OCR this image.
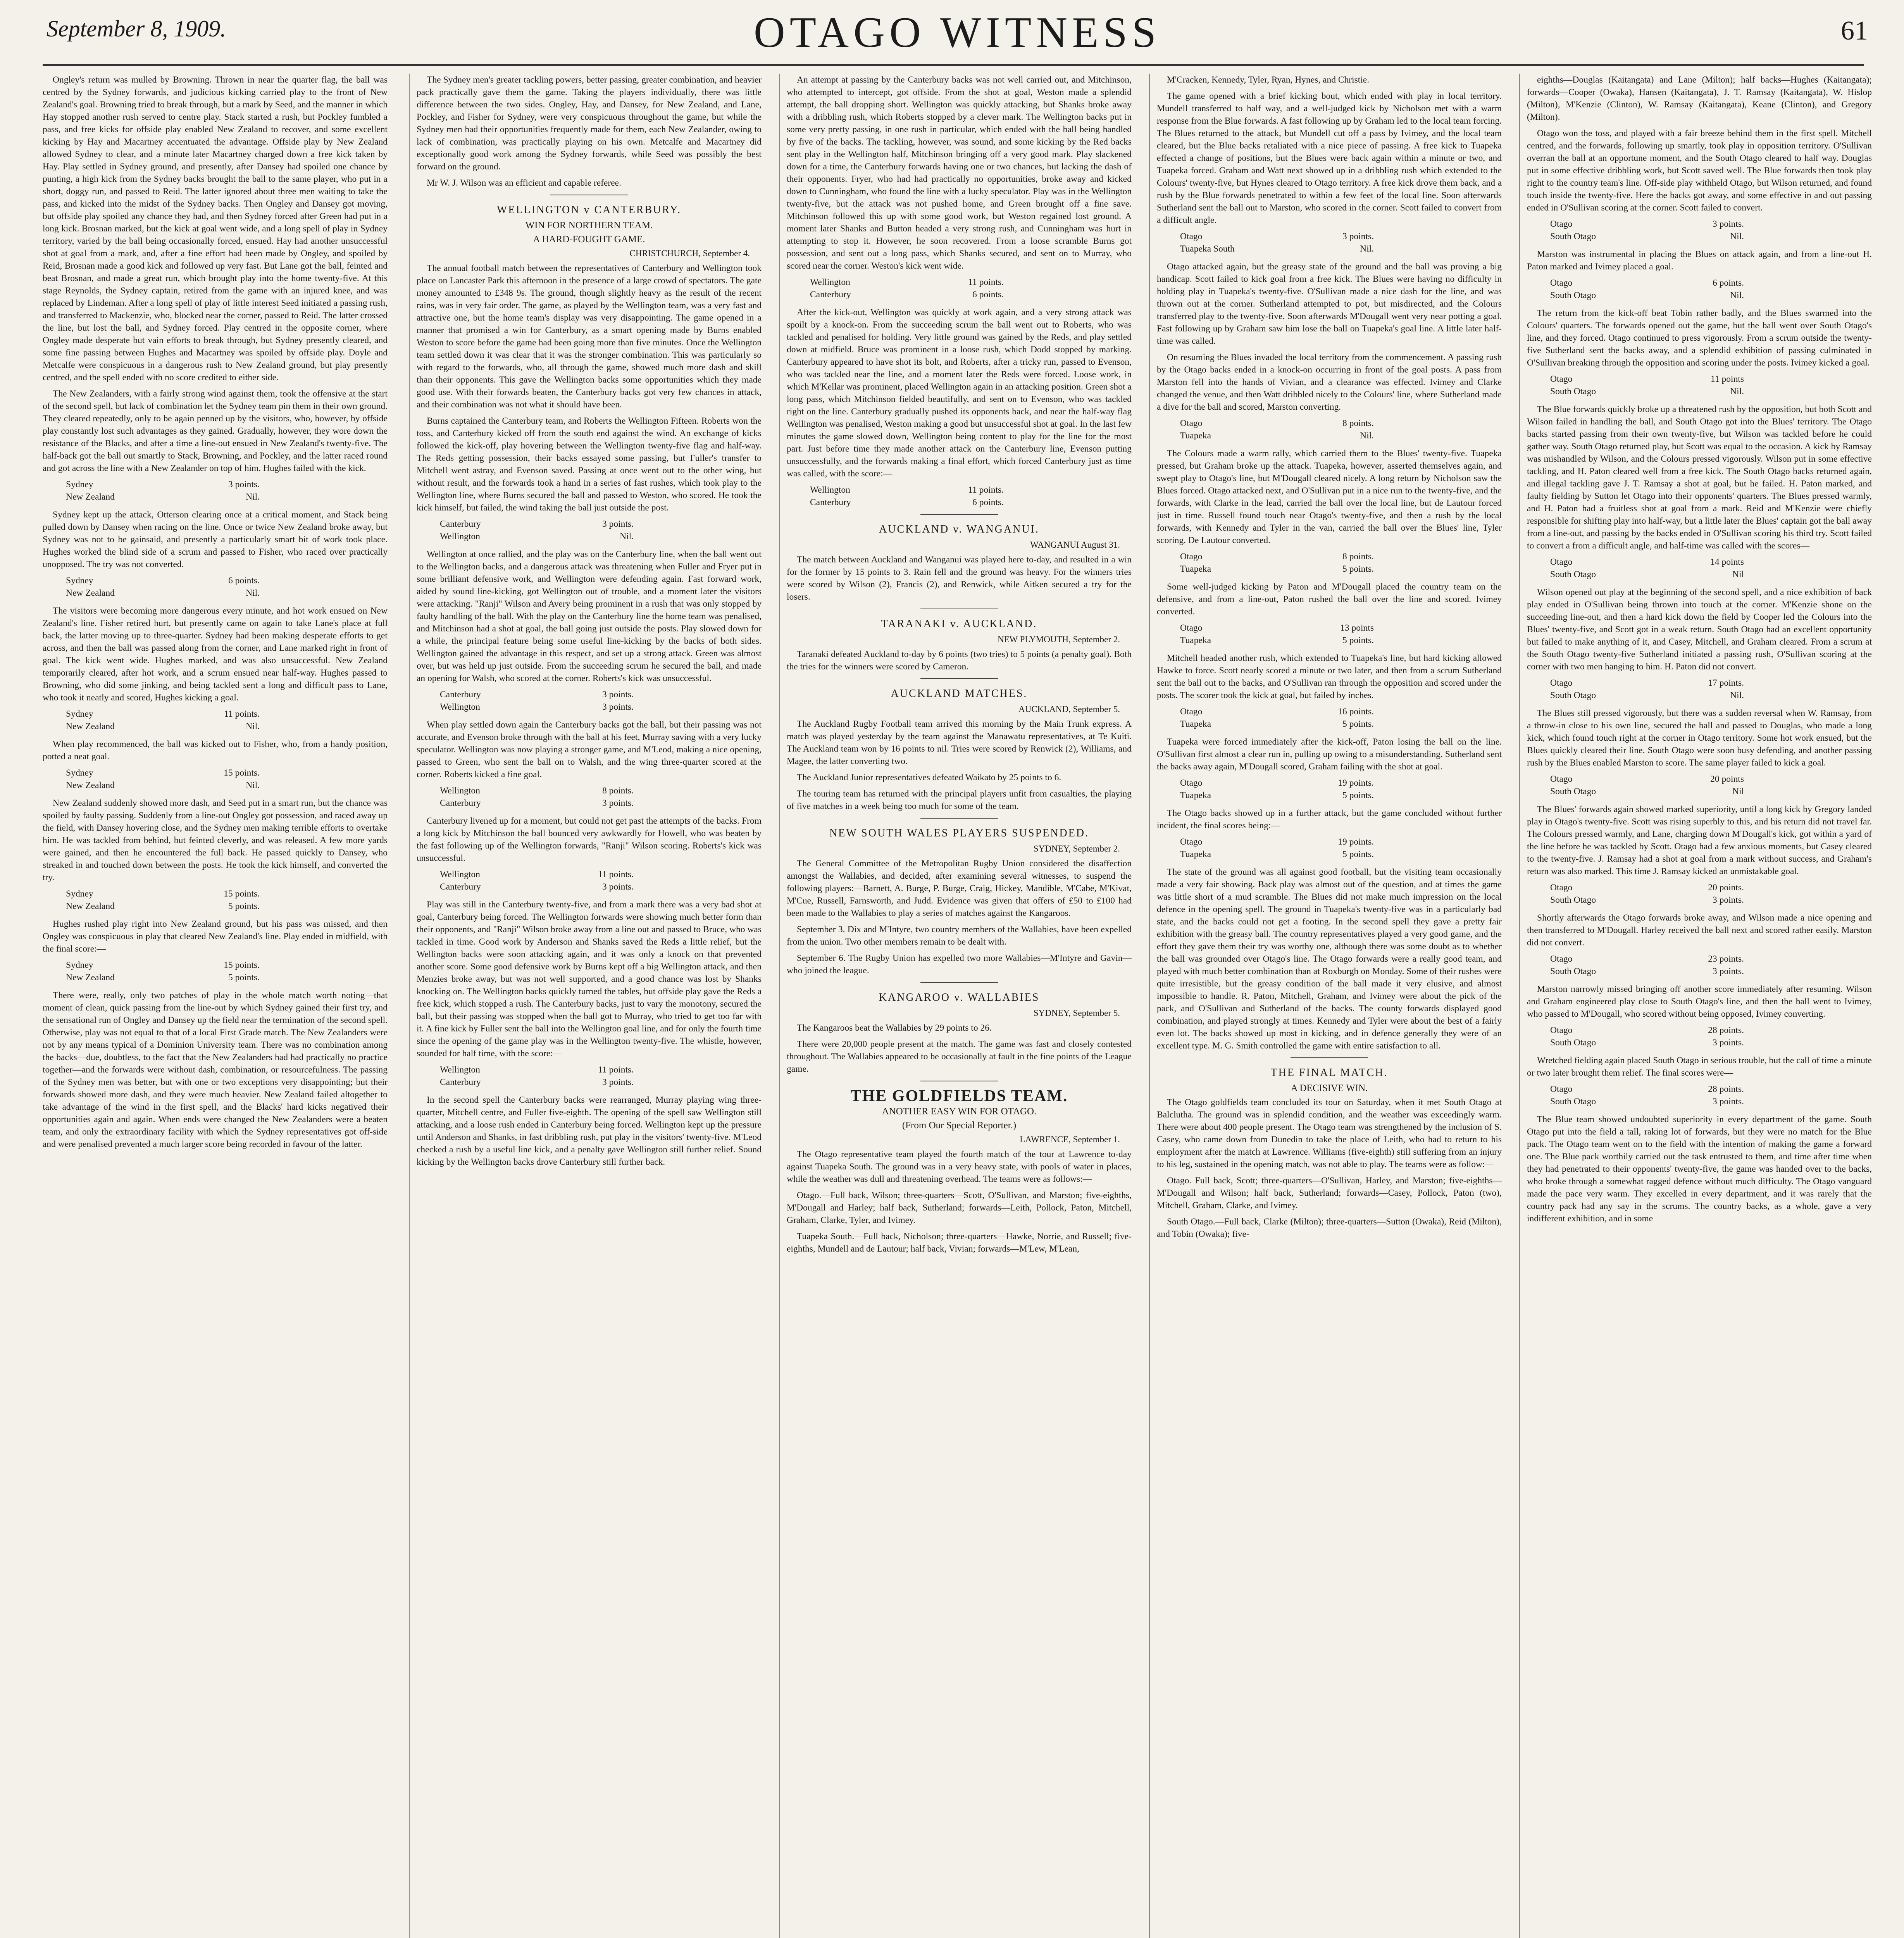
September 8, 1909.	OTAGO WITNESS	61

Ongley's return was mulled by Browning. Thrown in near the quarter flag, the ball was centred by the Sydney forwards, and judicious kicking carried play to the front of New Zealand's goal. Browning tried to break through, but a mark by Seed, and the manner in which Hay stopped another rush served to centre play. Stack started a rush, but Pockley fumbled a pass, and free kicks for offside play enabled New Zealand to recover, and some excellent kicking by Hay and Macartney accentuated the advantage. Offside play by New Zealand allowed Sydney to clear, and a minute later Macartney charged down a free kick taken by Hay. Play settled in Sydney ground, and presently, after Dansey had spoiled one chance by punting, a high kick from the Sydney backs brought the ball to the same player, who put in a short, doggy run, and passed to Reid. The latter ignored about three men waiting to take the pass, and kicked into the midst of the Sydney backs. Then Ongley and Dansey got moving, but offside play spoiled any chance they had, and then Sydney forced after Green had put in a long kick. Brosnan marked, but the kick at goal went wide, and a long spell of play in Sydney territory, varied by the ball being occasionally forced, ensued. Hay had another unsuccessful shot at goal from a mark, and, after a fine effort had been made by Ongley, and spoiled by Reid, Brosnan made a good kick and followed up very fast. But Lane got the ball, feinted and beat Brosnan, and made a great run, which brought play into the home twenty-five. At this stage Reynolds, the Sydney captain, retired from the game with an injured knee, and was replaced by Lindeman. After a long spell of play of little interest Seed initiated a passing rush, and transferred to Mackenzie, who, blocked near the corner, passed to Reid. The latter crossed the line, but lost the ball, and Sydney forced. Play centred in the opposite corner, where Ongley made desperate but vain efforts to break through, but Sydney presently cleared, and some fine passing between Hughes and Macartney was spoiled by offside play. Doyle and Metcalfe were conspicuous in a dangerous rush to New Zealand ground, but play presently centred, and the spell ended with no score credited to either side.

The New Zealanders, with a fairly strong wind against them, took the offensive at the start of the second spell, but lack of combination let the Sydney team pin them in their own ground. They cleared repeatedly, only to be again penned up by the visitors, who, however, by offside play constantly lost such advantages as they gained. Gradually, however, they wore down the resistance of the Blacks, and after a time a line-out ensued in New Zealand's twenty-five. The half-back got the ball out smartly to Stack, Browning, and Pockley, and the latter raced round and got across the line with a New Zealander on top of him. Hughes failed with the kick.

Sydney	3 points.
New Zealand	Nil.

Sydney kept up the attack, Otterson clearing once at a critical moment, and Stack being pulled down by Dansey when racing on the line. Once or twice New Zealand broke away, but Sydney was not to be gainsaid, and presently a particularly smart bit of work took place. Hughes worked the blind side of a scrum and passed to Fisher, who raced over practically unopposed. The try was not converted.

Sydney	6 points.
New Zealand	Nil.

The visitors were becoming more dangerous every minute, and hot work ensued on New Zealand's line. Fisher retired hurt, but presently came on again to take Lane's place at full back, the latter moving up to three-quarter. Sydney had been making desperate efforts to get across, and then the ball was passed along from the corner, and Lane marked right in front of goal. The kick went wide. Hughes marked, and was also unsuccessful. New Zealand temporarily cleared, after hot work, and a scrum ensued near half-way. Hughes passed to Browning, who did some jinking, and being tackled sent a long and difficult pass to Lane, who took it neatly and scored, Hughes kicking a goal.

Sydney	11 points.
New Zealand	Nil.

When play recommenced, the ball was kicked out to Fisher, who, from a handy position, potted a neat goal.

Sydney	15 points.
New Zealand	Nil.

New Zealand suddenly showed more dash, and Seed put in a smart run, but the chance was spoiled by faulty passing. Suddenly from a line-out Ongley got possession, and raced away up the field, with Dansey hovering close, and the Sydney men making terrible efforts to overtake him. He was tackled from behind, but feinted cleverly, and was released. A few more yards were gained, and then he encountered the full back. He passed quickly to Dansey, who streaked in and touched down between the posts. He took the kick himself, and converted the try.

Sydney	15 points.
New Zealand	5 points.

Hughes rushed play right into New Zealand ground, but his pass was missed, and then Ongley was conspicuous in play that cleared New Zealand's line. Play ended in midfield, with the final score:—

Sydney	15 points.
New Zealand	5 points.

There were, really, only two patches of play in the whole match worth noting—that moment of clean, quick passing from the line-out by which Sydney gained their first try, and the sensational run of Ongley and Dansey up the field near the termination of the second spell. Otherwise, play was not equal to that of a local First Grade match. The New Zealanders were not by any means typical of a Dominion University team. There was no combination among the backs—due, doubtless, to the fact that the New Zealanders had had practically no practice together—and the forwards were without dash, combination, or resourcefulness. The passing of the Sydney men was better, but with one or two exceptions very disappointing; but their forwards showed more dash, and they were much heavier. New Zealand failed altogether to take advantage of the wind in the first spell, and the Blacks' hard kicks negatived their opportunities again and again. When ends were changed the New Zealanders were a beaten team, and only the extraordinary facility with which the Sydney representatives got off-side and were penalised prevented a much larger score being recorded in favour of the latter.

The Sydney men's greater tackling powers, better passing, greater combination, and heavier pack practically gave them the game. Taking the players individually, there was little difference between the two sides. Ongley, Hay, and Dansey, for New Zealand, and Lane, Pockley, and Fisher for Sydney, were very conspicuous throughout the game, but while the Sydney men had their opportunities frequently made for them, each New Zealander, owing to lack of combination, was practically playing on his own. Metcalfe and Macartney did exceptionally good work among the Sydney forwards, while Seed was possibly the best forward on the ground.

Mr W. J. Wilson was an efficient and capable referee.

WELLINGTON v CANTERBURY.
WIN FOR NORTHERN TEAM.
A HARD-FOUGHT GAME.
CHRISTCHURCH, September 4.

The annual football match between the representatives of Canterbury and Wellington took place on Lancaster Park this afternoon in the presence of a large crowd of spectators. The gate money amounted to £348 9s. The ground, though slightly heavy as the result of the recent rains, was in very fair order. The game, as played by the Wellington team, was a very fast and attractive one, but the home team's display was very disappointing. The game opened in a manner that promised a win for Canterbury, as a smart opening made by Burns enabled Weston to score before the game had been going more than five minutes. Once the Wellington team settled down it was clear that it was the stronger combination. This was particularly so with regard to the forwards, who, all through the game, showed much more dash and skill than their opponents. This gave the Wellington backs some opportunities which they made good use. With their forwards beaten, the Canterbury backs got very few chances in attack, and their combination was not what it should have been.

Burns captained the Canterbury team, and Roberts the Wellington Fifteen. Roberts won the toss, and Canterbury kicked off from the south end against the wind. An exchange of kicks followed the kick-off, play hovering between the Wellington twenty-five flag and half-way. The Reds getting possession, their backs essayed some passing, but Fuller's transfer to Mitchell went astray, and Evenson saved. Passing at once went out to the other wing, but without result, and the forwards took a hand in a series of fast rushes, which took play to the Wellington line, where Burns secured the ball and passed to Weston, who scored. He took the kick himself, but failed, the wind taking the ball just outside the post.

Canterbury	3 points.
Wellington	Nil.

Wellington at once rallied, and the play was on the Canterbury line, when the ball went out to the Wellington backs, and a dangerous attack was threatening when Fuller and Fryer put in some brilliant defensive work, and Wellington were defending again. Fast forward work, aided by sound line-kicking, got Wellington out of trouble, and a moment later the visitors were attacking. "Ranji" Wilson and Avery being prominent in a rush that was only stopped by faulty handling of the ball. With the play on the Canterbury line the home team was penalised, and Mitchinson had a shot at goal, the ball going just outside the posts. Play slowed down for a while, the principal feature being some useful line-kicking by the backs of both sides. Wellington gained the advantage in this respect, and set up a strong attack. Green was almost over, but was held up just outside. From the succeeding scrum he secured the ball, and made an opening for Walsh, who scored at the corner. Roberts's kick was unsuccessful.

Canterbury	3 points.
Wellington	3 points.

When play settled down again the Canterbury backs got the ball, but their passing was not accurate, and Evenson broke through with the ball at his feet, Murray saving with a very lucky speculator. Wellington was now playing a stronger game, and M'Leod, making a nice opening, passed to Green, who sent the ball on to Walsh, and the wing three-quarter scored at the corner. Roberts kicked a fine goal.

Wellington	8 points.
Canterbury	3 points.

Canterbury livened up for a moment, but could not get past the attempts of the backs. From a long kick by Mitchinson the ball bounced very awkwardly for Howell, who was beaten by the fast following up of the Wellington forwards, "Ranji" Wilson scoring. Roberts's kick was unsuccessful.

Wellington	11 points.
Canterbury	3 points.

Play was still in the Canterbury twenty-five, and from a mark there was a very bad shot at goal, Canterbury being forced. The Wellington forwards were showing much better form than their opponents, and "Ranji" Wilson broke away from a line out and passed to Bruce, who was tackled in time. Good work by Anderson and Shanks saved the Reds a little relief, but the Wellington backs were soon attacking again, and it was only a knock on that prevented another score. Some good defensive work by Burns kept off a big Wellington attack, and then Menzies broke away, but was not well supported, and a good chance was lost by Shanks knocking on. The Wellington backs quickly turned the tables, but offside play gave the Reds a free kick, which stopped a rush. The Canterbury backs, just to vary the monotony, secured the ball, but their passing was stopped when the ball got to Murray, who tried to get too far with it. A fine kick by Fuller sent the ball into the Wellington goal line, and for only the fourth time since the opening of the game play was in the Wellington twenty-five. The whistle, however, sounded for half time, with the score:—

Wellington	11 points.
Canterbury	3 points.

In the second spell the Canterbury backs were rearranged, Murray playing wing three-quarter, Mitchell centre, and Fuller five-eighth. The opening of the spell saw Wellington still attacking, and a loose rush ended in Canterbury being forced. Wellington kept up the pressure until Anderson and Shanks, in fast dribbling rush, put play in the visitors' twenty-five. M'Leod checked a rush by a useful line kick, and a penalty gave Wellington still further relief. Sound kicking by the Wellington backs drove Canterbury still further back.

An attempt at passing by the Canterbury backs was not well carried out, and Mitchinson, who attempted to intercept, got offside. From the shot at goal, Weston made a splendid attempt, the ball dropping short. Wellington was quickly attacking, but Shanks broke away with a dribbling rush, which Roberts stopped by a clever mark. The Wellington backs put in some very pretty passing, in one rush in particular, which ended with the ball being handled by five of the backs. The tackling, however, was sound, and some kicking by the Red backs sent play in the Wellington half, Mitchinson bringing off a very good mark. Play slackened down for a time, the Canterbury forwards having one or two chances, but lacking the dash of their opponents. Fryer, who had had practically no opportunities, broke away and kicked down to Cunningham, who found the line with a lucky speculator. Play was in the Wellington twenty-five, but the attack was not pushed home, and Green brought off a fine save. Mitchinson followed this up with some good work, but Weston regained lost ground. A moment later Shanks and Button headed a very strong rush, and Cunningham was hurt in attempting to stop it. However, he soon recovered. From a loose scramble Burns got possession, and sent out a long pass, which Shanks secured, and sent on to Murray, who scored near the corner. Weston's kick went wide.

Wellington	11 points.
Canterbury	6 points.

After the kick-out, Wellington was quickly at work again, and a very strong attack was spoilt by a knock-on. From the succeeding scrum the ball went out to Roberts, who was tackled and penalised for holding. Very little ground was gained by the Reds, and play settled down at midfield. Bruce was prominent in a loose rush, which Dodd stopped by marking. Canterbury appeared to have shot its bolt, and Roberts, after a tricky run, passed to Evenson, who was tackled near the line, and a moment later the Reds were forced. Loose work, in which M'Kellar was prominent, placed Wellington again in an attacking position. Green shot a long pass, which Mitchinson fielded beautifully, and sent on to Evenson, who was tackled right on the line. Canterbury gradually pushed its opponents back, and near the half-way flag Wellington was penalised, Weston making a good but unsuccessful shot at goal. In the last few minutes the game slowed down, Wellington being content to play for the line for the most part. Just before time they made another attack on the Canterbury line, Evenson putting unsuccessfully, and the forwards making a final effort, which forced Canterbury just as time was called, with the score:—

Wellington	11 points.
Canterbury	6 points.
AUCKLAND v. WANGANUI.
WANGANUI August 31.

The match between Auckland and Wanganui was played here to-day, and resulted in a win for the former by 15 points to 3. Rain fell and the ground was heavy. For the winners tries were scored by Wilson (2), Francis (2), and Renwick, while Aitken secured a try for the losers.

TARANAKI v. AUCKLAND.
NEW PLYMOUTH, September 2.

Taranaki defeated Auckland to-day by 6 points (two tries) to 5 points (a penalty goal). Both the tries for the winners were scored by Cameron.

AUCKLAND MATCHES.
AUCKLAND, September 5.

The Auckland Rugby Football team arrived this morning by the Main Trunk express. A match was played yesterday by the team against the Manawatu representatives, at Te Kuiti. The Auckland team won by 16 points to nil. Tries were scored by Renwick (2), Williams, and Magee, the latter converting two.

The Auckland Junior representatives defeated Waikato by 25 points to 6.

The touring team has returned with the principal players unfit from casualties, the playing of five matches in a week being too much for some of the team.

NEW SOUTH WALES PLAYERS SUSPENDED.
SYDNEY, September 2.

The General Committee of the Metropolitan Rugby Union considered the disaffection amongst the Wallabies, and decided, after examining several witnesses, to suspend the following players:—Barnett, A. Burge, P. Burge, Craig, Hickey, Mandible, M'Cabe, M'Kivat, M'Cue, Russell, Farnsworth, and Judd. Evidence was given that offers of £50 to £100 had been made to the Wallabies to play a series of matches against the Kangaroos.

September 3. Dix and M'Intyre, two country members of the Wallabies, have been expelled from the union. Two other members remain to be dealt with.

September 6. The Rugby Union has expelled two more Wallabies—M'Intyre and Gavin—who joined the league.

KANGAROO v. WALLABIES
SYDNEY, September 5.

The Kangaroos beat the Wallabies by 29 points to 26.

There were 20,000 people present at the match. The game was fast and closely contested throughout. The Wallabies appeared to be occasionally at fault in the fine points of the League game.

THE GOLDFIELDS TEAM.
ANOTHER EASY WIN FOR OTAGO.
(From Our Special Reporter.)
LAWRENCE, September 1.

The Otago representative team played the fourth match of the tour at Lawrence to-day against Tuapeka South. The ground was in a very heavy state, with pools of water in places, while the weather was dull and threatening overhead. The teams were as follows:—

Otago.—Full back, Wilson; three-quarters—Scott, O'Sullivan, and Marston; five-eighths, M'Dougall and Harley; half back, Sutherland; forwards—Leith, Pollock, Paton, Mitchell, Graham, Clarke, Tyler, and Ivimey.

Tuapeka South.—Full back, Nicholson; three-quarters—Hawke, Norrie, and Russell; five-eighths, Mundell and de Lautour; half back, Vivian; forwards—M'Lew, M'Lean,

M'Cracken, Kennedy, Tyler, Ryan, Hynes, and Christie.

The game opened with a brief kicking bout, which ended with play in local territory. Mundell transferred to half way, and a well-judged kick by Nicholson met with a warm response from the Blue forwards. A fast following up by Graham led to the local team forcing. The Blues returned to the attack, but Mundell cut off a pass by Ivimey, and the local team cleared, but the Blue backs retaliated with a nice piece of passing. A free kick to Tuapeka effected a change of positions, but the Blues were back again within a minute or two, and Tuapeka forced. Graham and Watt next showed up in a dribbling rush which extended to the Colours' twenty-five, but Hynes cleared to Otago territory. A free kick drove them back, and a rush by the Blue forwards penetrated to within a few feet of the local line. Soon afterwards Sutherland sent the ball out to Marston, who scored in the corner. Scott failed to convert from a difficult angle.

Otago	3 points.
Tuapeka South	Nil.

Otago attacked again, but the greasy state of the ground and the ball was proving a big handicap. Scott failed to kick goal from a free kick. The Blues were having no difficulty in holding play in Tuapeka's twenty-five. O'Sullivan made a nice dash for the line, and was thrown out at the corner. Sutherland attempted to pot, but misdirected, and the Colours transferred play to the twenty-five. Soon afterwards M'Dougall went very near potting a goal. Fast following up by Graham saw him lose the ball on Tuapeka's goal line. A little later half-time was called.

On resuming the Blues invaded the local territory from the commencement. A passing rush by the Otago backs ended in a knock-on occurring in front of the goal posts. A pass from Marston fell into the hands of Vivian, and a clearance was effected. Ivimey and Clarke changed the venue, and then Watt dribbled nicely to the Colours' line, where Sutherland made a dive for the ball and scored, Marston converting.

Otago	8 points.
Tuapeka	Nil.

The Colours made a warm rally, which carried them to the Blues' twenty-five. Tuapeka pressed, but Graham broke up the attack. Tuapeka, however, asserted themselves again, and swept play to Otago's line, but M'Dougall cleared nicely. A long return by Nicholson saw the Blues forced. Otago attacked next, and O'Sullivan put in a nice run to the twenty-five, and the forwards, with Clarke in the lead, carried the ball over the local line, but de Lautour forced just in time. Russell found touch near Otago's twenty-five, and then a rush by the local forwards, with Kennedy and Tyler in the van, carried the ball over the Blues' line, Tyler scoring. De Lautour converted.

Otago	8 points.
Tuapeka	5 points.

Some well-judged kicking by Paton and M'Dougall placed the country team on the defensive, and from a line-out, Paton rushed the ball over the line and scored. Ivimey converted.

Otago	13 points
Tuapeka	5 points.

Mitchell headed another rush, which extended to Tuapeka's line, but hard kicking allowed Hawke to force. Scott nearly scored a minute or two later, and then from a scrum Sutherland sent the ball out to the backs, and O'Sullivan ran through the opposition and scored under the posts. The scorer took the kick at goal, but failed by inches.

Otago	16 points.
Tuapeka	5 points.

Tuapeka were forced immediately after the kick-off, Paton losing the ball on the line. O'Sullivan first almost a clear run in, pulling up owing to a misunderstanding. Sutherland sent the backs away again, M'Dougall scored, Graham failing with the shot at goal.

Otago	19 points.
Tuapeka	5 points.

The Otago backs showed up in a further attack, but the game concluded without further incident, the final scores being:—

Otago	19 points.
Tuapeka	5 points.

The state of the ground was all against good football, but the visiting team occasionally made a very fair showing. Back play was almost out of the question, and at times the game was little short of a mud scramble. The Blues did not make much impression on the local defence in the opening spell. The ground in Tuapeka's twenty-five was in a particularly bad state, and the backs could not get a footing. In the second spell they gave a pretty fair exhibition with the greasy ball. The country representatives played a very good game, and the effort they gave them their try was worthy one, although there was some doubt as to whether the ball was grounded over Otago's line. The Otago forwards were a really good team, and played with much better combination than at Roxburgh on Monday. Some of their rushes were quite irresistible, but the greasy condition of the ball made it very elusive, and almost impossible to handle. R. Paton, Mitchell, Graham, and Ivimey were about the pick of the pack, and O'Sullivan and Sutherland of the backs. The county forwards displayed good combination, and played strongly at times. Kennedy and Tyler were about the best of a fairly even lot. The backs showed up most in kicking, and in defence generally they were of an excellent type. M. G. Smith controlled the game with entire satisfaction to all.

THE FINAL MATCH.
A DECISIVE WIN.

The Otago goldfields team concluded its tour on Saturday, when it met South Otago at Balclutha. The ground was in splendid condition, and the weather was exceedingly warm. There were about 400 people present. The Otago team was strengthened by the inclusion of S. Casey, who came down from Dunedin to take the place of Leith, who had to return to his employment after the match at Lawrence. Williams (five-eighth) still suffering from an injury to his leg, sustained in the opening match, was not able to play. The teams were as follow:—

Otago. Full back, Scott; three-quarters—O'Sullivan, Harley, and Marston; five-eighths—M'Dougall and Wilson; half back, Sutherland; forwards—Casey, Pollock, Paton (two), Mitchell, Graham, Clarke, and Ivimey.

South Otago.—Full back, Clarke (Milton); three-quarters—Sutton (Owaka), Reid (Milton), and Tobin (Owaka); five-

eighths—Douglas (Kaitangata) and Lane (Milton); half backs—Hughes (Kaitangata); forwards—Cooper (Owaka), Hansen (Kaitangata), J. T. Ramsay (Kaitangata), W. Hislop (Milton), M'Kenzie (Clinton), W. Ramsay (Kaitangata), Keane (Clinton), and Gregory (Milton).

Otago won the toss, and played with a fair breeze behind them in the first spell. Mitchell centred, and the forwards, following up smartly, took play in opposition territory. O'Sullivan overran the ball at an opportune moment, and the South Otago cleared to half way. Douglas put in some effective dribbling work, but Scott saved well. The Blue forwards then took play right to the country team's line. Off-side play withheld Otago, but Wilson returned, and found touch inside the twenty-five. Here the backs got away, and some effective in and out passing ended in O'Sullivan scoring at the corner. Scott failed to convert.

Otago	3 points.
South Otago	Nil.

Marston was instrumental in placing the Blues on attack again, and from a line-out H. Paton marked and Ivimey placed a goal.

Otago	6 points.
South Otago	Nil.

The return from the kick-off beat Tobin rather badly, and the Blues swarmed into the Colours' quarters. The forwards opened out the game, but the ball went over South Otago's line, and they forced. Otago continued to press vigorously. From a scrum outside the twenty-five Sutherland sent the backs away, and a splendid exhibition of passing culminated in O'Sullivan breaking through the opposition and scoring under the posts. Ivimey kicked a goal.

Otago	11 points
South Otago	Nil.

The Blue forwards quickly broke up a threatened rush by the opposition, but both Scott and Wilson failed in handling the ball, and South Otago got into the Blues' territory. The Otago backs started passing from their own twenty-five, but Wilson was tackled before he could gather way. South Otago returned play, but Scott was equal to the occasion. A kick by Ramsay was mishandled by Wilson, and the Colours pressed vigorously. Wilson put in some effective tackling, and H. Paton cleared well from a free kick. The South Otago backs returned again, and illegal tackling gave J. T. Ramsay a shot at goal, but he failed. H. Paton marked, and faulty fielding by Sutton let Otago into their opponents' quarters. The Blues pressed warmly, and H. Paton had a fruitless shot at goal from a mark. Reid and M'Kenzie were chiefly responsible for shifting play into half-way, but a little later the Blues' captain got the ball away from a line-out, and passing by the backs ended in O'Sullivan scoring his third try. Scott failed to convert a from a difficult angle, and half-time was called with the scores—

Otago	14 points
South Otago	Nil

Wilson opened out play at the beginning of the second spell, and a nice exhibition of back play ended in O'Sullivan being thrown into touch at the corner. M'Kenzie shone on the succeeding line-out, and then a hard kick down the field by Cooper led the Colours into the Blues' twenty-five, and Scott got in a weak return. South Otago had an excellent opportunity but failed to make anything of it, and Casey, Mitchell, and Graham cleared. From a scrum at the South Otago twenty-five Sutherland initiated a passing rush, O'Sullivan scoring at the corner with two men hanging to him. H. Paton did not convert.

Otago	17 points.
South Otago	Nil.

The Blues still pressed vigorously, but there was a sudden reversal when W. Ramsay, from a throw-in close to his own line, secured the ball and passed to Douglas, who made a long kick, which found touch right at the corner in Otago territory. Some hot work ensued, but the Blues quickly cleared their line. South Otago were soon busy defending, and another passing rush by the Blues enabled Marston to score. The same player failed to kick a goal.

Otago	20 points
South Otago	Nil

The Blues' forwards again showed marked superiority, until a long kick by Gregory landed play in Otago's twenty-five. Scott was rising superbly to this, and his return did not travel far. The Colours pressed warmly, and Lane, charging down M'Dougall's kick, got within a yard of the line before he was tackled by Scott. Otago had a few anxious moments, but Casey cleared to the twenty-five. J. Ramsay had a shot at goal from a mark without success, and Graham's return was also marked. This time J. Ramsay kicked an unmistakable goal.

Otago	20 points.
South Otago	3 points.

Shortly afterwards the Otago forwards broke away, and Wilson made a nice opening and then transferred to M'Dougall. Harley received the ball next and scored rather easily. Marston did not convert.

Otago	23 points.
South Otago	3 points.

Marston narrowly missed bringing off another score immediately after resuming. Wilson and Graham engineered play close to South Otago's line, and then the ball went to Ivimey, who passed to M'Dougall, who scored without being opposed, Ivimey converting.

Otago	28 points.
South Otago	3 points.

Wretched fielding again placed South Otago in serious trouble, but the call of time a minute or two later brought them relief. The final scores were—

Otago	28 points.
South Otago	3 points.

The Blue team showed undoubted superiority in every department of the game. South Otago put into the field a tall, raking lot of forwards, but they were no match for the Blue pack. The Otago team went on to the field with the intention of making the game a forward one. The Blue pack worthily carried out the task entrusted to them, and time after time when they had penetrated to their opponents' twenty-five, the game was handed over to the backs, who broke through a somewhat ragged defence without much difficulty. The Otago vanguard made the pace very warm. They excelled in every department, and it was rarely that the country pack had any say in the scrums. The country backs, as a whole, gave a very indifferent exhibition, and in some
